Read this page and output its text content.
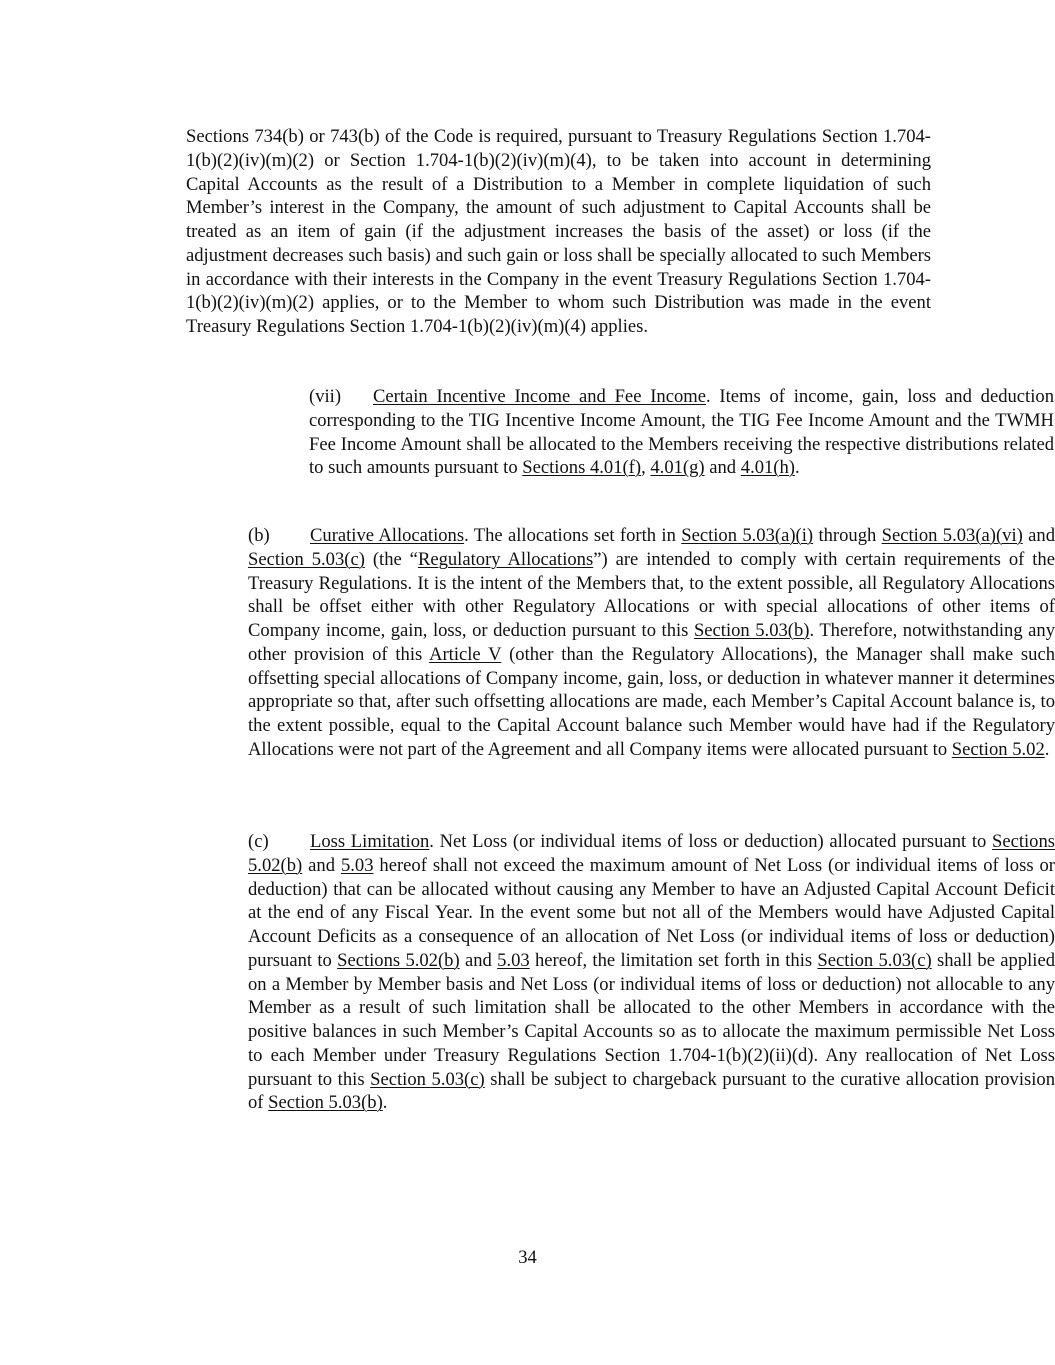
Sections 734(b) or 743(b) of the Code is required, pursuant to Treasury Regulations Section 1.704-1(b)(2)(iv)(m)(2) or Section 1.704-1(b)(2)(iv)(m)(4), to be taken into account in determining Capital Accounts as the result of a Distribution to a Member in complete liquidation of such Member’s interest in the Company, the amount of such adjustment to Capital Accounts shall be treated as an item of gain (if the adjustment increases the basis of the asset) or loss (if the adjustment decreases such basis) and such gain or loss shall be specially allocated to such Members in accordance with their interests in the Company in the event Treasury Regulations Section 1.704-1(b)(2)(iv)(m)(2) applies, or to the Member to whom such Distribution was made in the event Treasury Regulations Section 1.704-1(b)(2)(iv)(m)(4) applies.

(vii) Certain Incentive Income and Fee Income. Items of income, gain, loss and deduction corresponding to the TIG Incentive Income Amount, the TIG Fee Income Amount and the TWMH Fee Income Amount shall be allocated to the Members receiving the respective distributions related to such amounts pursuant to Sections 4.01(f), 4.01(g) and 4.01(h).

(b) Curative Allocations. The allocations set forth in Section 5.03(a)(i) through Section 5.03(a)(vi) and Section 5.03(c) (the “Regulatory Allocations”) are intended to comply with certain requirements of the Treasury Regulations. It is the intent of the Members that, to the extent possible, all Regulatory Allocations shall be offset either with other Regulatory Allocations or with special allocations of other items of Company income, gain, loss, or deduction pursuant to this Section 5.03(b). Therefore, notwithstanding any other provision of this Article V (other than the Regulatory Allocations), the Manager shall make such offsetting special allocations of Company income, gain, loss, or deduction in whatever manner it determines appropriate so that, after such offsetting allocations are made, each Member’s Capital Account balance is, to the extent possible, equal to the Capital Account balance such Member would have had if the Regulatory Allocations were not part of the Agreement and all Company items were allocated pursuant to Section 5.02.

(c) Loss Limitation. Net Loss (or individual items of loss or deduction) allocated pursuant to Sections 5.02(b) and 5.03 hereof shall not exceed the maximum amount of Net Loss (or individual items of loss or deduction) that can be allocated without causing any Member to have an Adjusted Capital Account Deficit at the end of any Fiscal Year. In the event some but not all of the Members would have Adjusted Capital Account Deficits as a consequence of an allocation of Net Loss (or individual items of loss or deduction) pursuant to Sections 5.02(b) and 5.03 hereof, the limitation set forth in this Section 5.03(c) shall be applied on a Member by Member basis and Net Loss (or individual items of loss or deduction) not allocable to any Member as a result of such limitation shall be allocated to the other Members in accordance with the positive balances in such Member’s Capital Accounts so as to allocate the maximum permissible Net Loss to each Member under Treasury Regulations Section 1.704-1(b)(2)(ii)(d). Any reallocation of Net Loss pursuant to this Section 5.03(c) shall be subject to chargeback pursuant to the curative allocation provision of Section 5.03(b).

34
